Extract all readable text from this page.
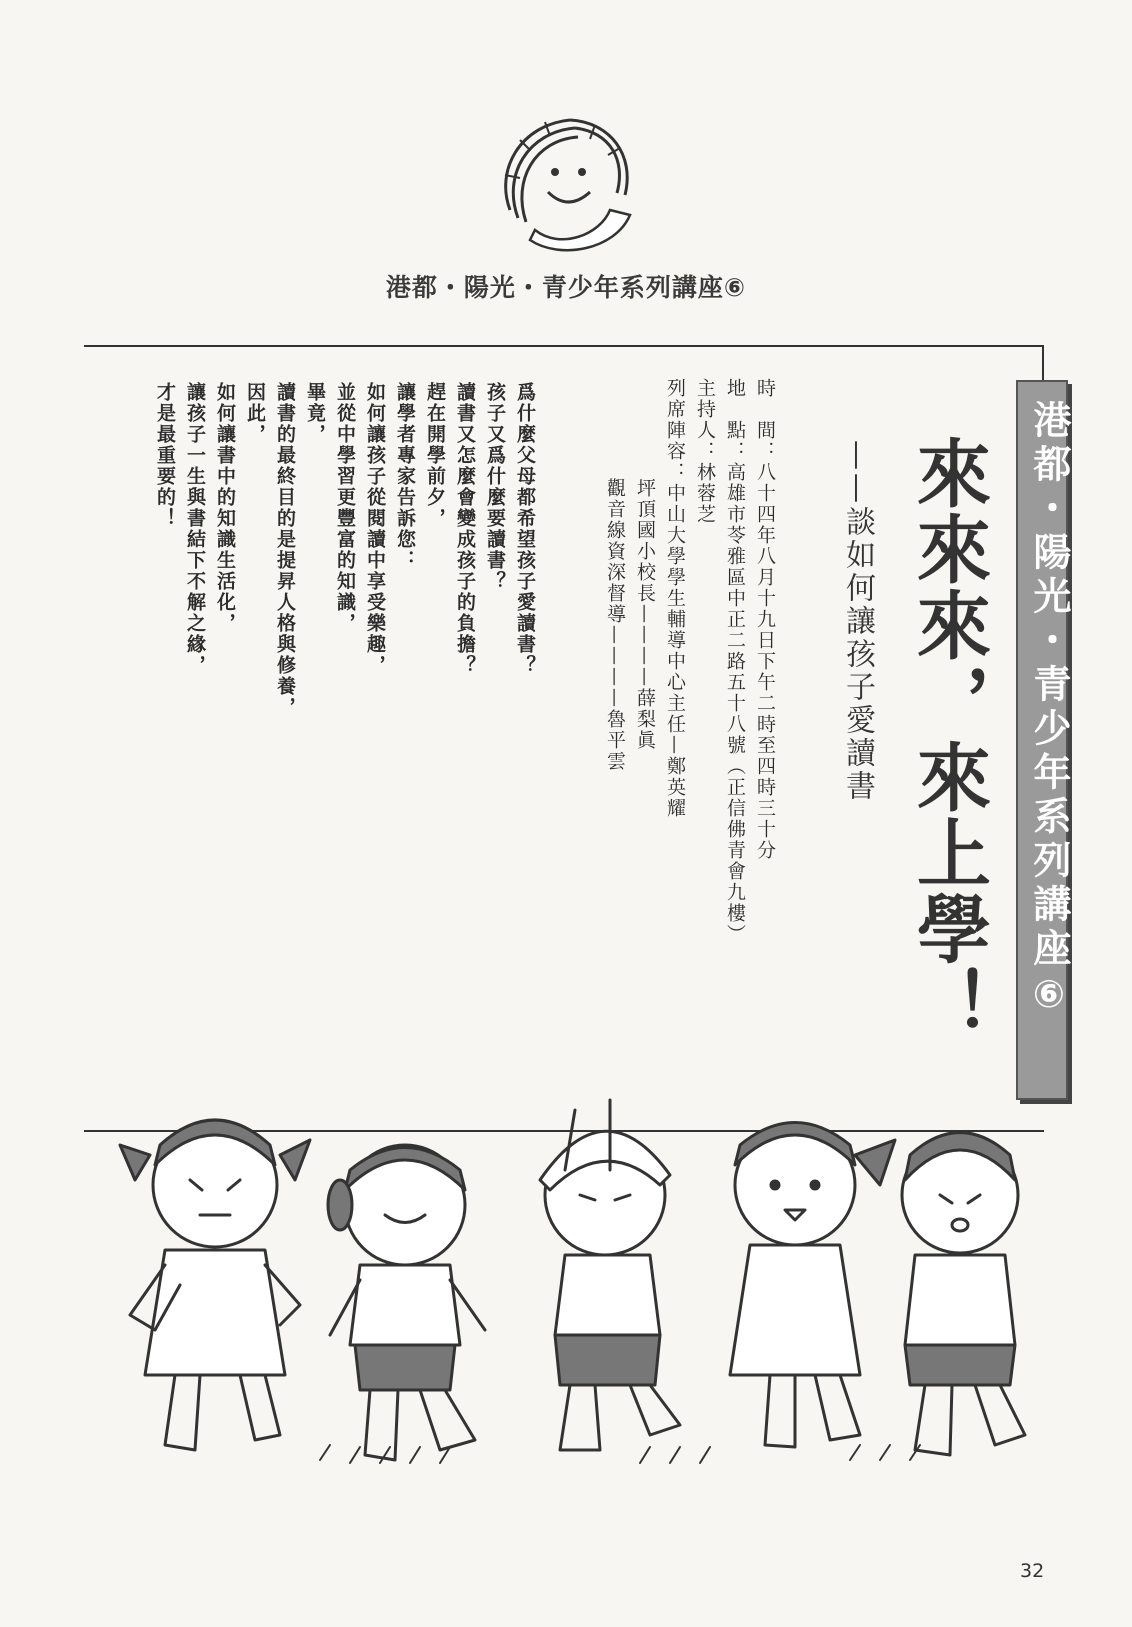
港都・陽光・青少年系列講座⑥
港都・陽光・青少年系列講座⑥
來來來，來上學！
——談如何讓孩子愛讀書
時　間：八十四年八月十九日下午二時至四時三十分
地　點：高雄市苓雅區中正二路五十八號（正信佛青會九樓）
主持人：林蓉芝
列席陣容：中山大學學生輔導中心主任—鄭英耀
坪頂國小校長————薛梨眞
觀音線資深督導————魯平雲
爲什麼父母都希望孩子愛讀書？
孩子又爲什麼要讀書？
讀書又怎麼會變成孩子的負擔？
趕在開學前夕，
讓學者專家告訴您：
如何讓孩子從閱讀中享受樂趣，
並從中學習更豐富的知識，
畢竟，
讀書的最終目的是提昇人格與修養，
因此，
如何讓書中的知識生活化，
讓孩子一生與書結下不解之緣，
才是最重要的！
32
